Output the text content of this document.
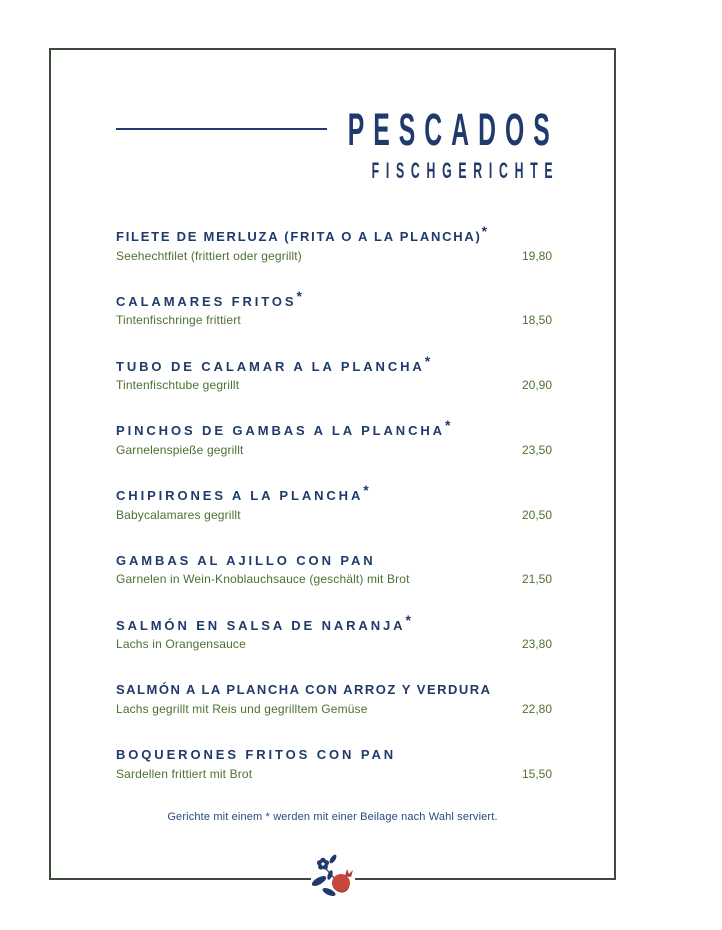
PESCADOS
FISCHGERICHTE
FILETE DE MERLUZA (FRITA O A LA PLANCHA)*
Seehechtfilet (frittiert oder gegrillt)	19,80
CALAMARES FRITOS*
Tintenfischringe frittiert	18,50
TUBO DE CALAMAR A LA PLANCHA*
Tintenfischtube gegrillt	20,90
PINCHOS DE GAMBAS A LA PLANCHA*
Garnelenspieße gegrillt	23,50
CHIPIRONES A LA PLANCHA*
Babycalamares gegrillt	20,50
GAMBAS AL AJILLO CON PAN
Garnelen in Wein-Knoblauchsauce (geschält) mit Brot	21,50
SALMÓN EN SALSA DE NARANJA*
Lachs in Orangensauce	23,80
SALMÓN A LA PLANCHA CON ARROZ Y VERDURA
Lachs gegrillt mit Reis und gegrilltem Gemüse	22,80
BOQUERONES FRITOS CON PAN
Sardellen frittiert mit Brot	15,50
Gerichte mit einem * werden mit einer Beilage nach Wahl serviert.
